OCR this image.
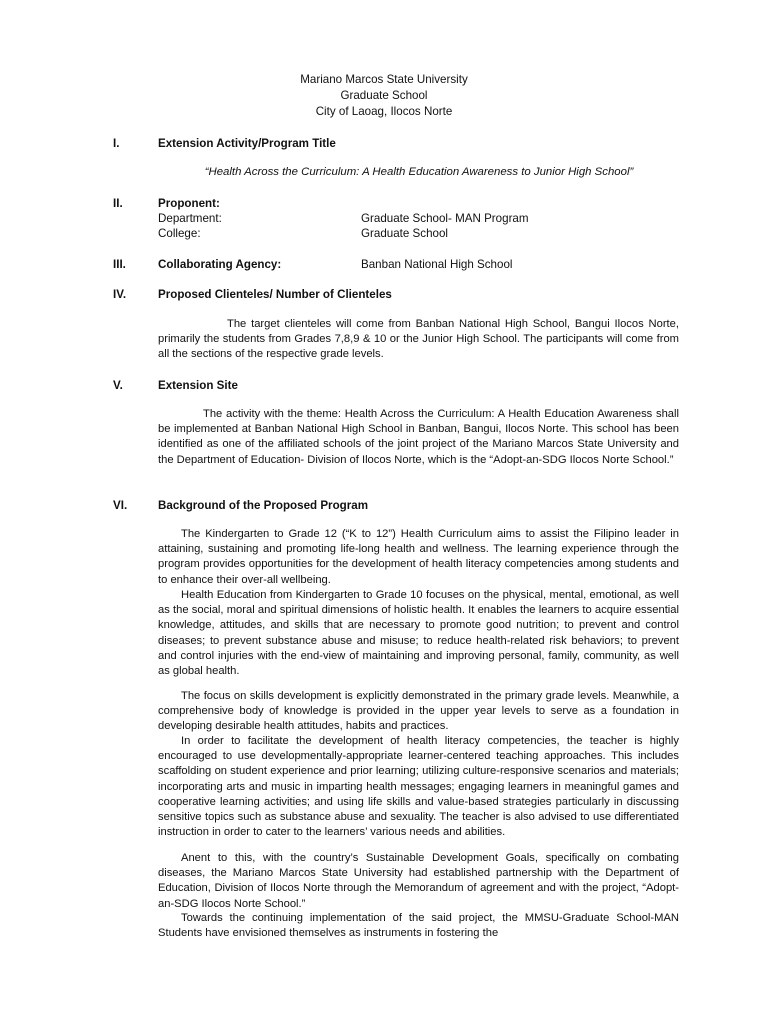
Mariano Marcos State University
Graduate School
City of Laoag, Ilocos Norte
I.	Extension Activity/Program Title
“Health Across the Curriculum: A Health Education Awareness to Junior High School”
II.	Proponent:
Department:	Graduate School- MAN Program
College:	Graduate School
III.	Collaborating Agency:	Banban National High School
IV.	Proposed Clienteles/ Number of Clienteles

The target clienteles will come from Banban National High School, Bangui Ilocos Norte, primarily the students from Grades 7,8,9 & 10 or the Junior High School. The participants will come from all the sections of the respective grade levels.

V.	Extension Site

The activity with the theme: Health Across the Curriculum: A Health Education Awareness shall be implemented at Banban National High School in Banban, Bangui, Ilocos Norte. This school has been identified as one of the affiliated schools of the joint project of the Mariano Marcos State University and the Department of Education- Division of Ilocos Norte, which is the “Adopt-an-SDG Ilocos Norte School.”

VI.	Background of the Proposed Program

The Kindergarten to Grade 12 (“K to 12”) Health Curriculum aims to assist the Filipino leader in attaining, sustaining and promoting life-long health and wellness. The learning experience through the program provides opportunities for the development of health literacy competencies among students and to enhance their over-all wellbeing.

Health Education from Kindergarten to Grade 10 focuses on the physical, mental, emotional, as well as the social, moral and spiritual dimensions of holistic health. It enables the learners to acquire essential knowledge, attitudes, and skills that are necessary to promote good nutrition; to prevent and control diseases; to prevent substance abuse and misuse; to reduce health-related risk behaviors; to prevent and control injuries with the end-view of maintaining and improving personal, family, community, as well as global health.

The focus on skills development is explicitly demonstrated in the primary grade levels. Meanwhile, a comprehensive body of knowledge is provided in the upper year levels to serve as a foundation in developing desirable health attitudes, habits and practices.

In order to facilitate the development of health literacy competencies, the teacher is highly encouraged to use developmentally-appropriate learner-centered teaching approaches. This includes scaffolding on student experience and prior learning; utilizing culture-responsive scenarios and materials; incorporating arts and music in imparting health messages; engaging learners in meaningful games and cooperative learning activities; and using life skills and value-based strategies particularly in discussing sensitive topics such as substance abuse and sexuality. The teacher is also advised to use differentiated instruction in order to cater to the learners’ various needs and abilities.

Anent to this, with the country’s Sustainable Development Goals, specifically on combating diseases, the Mariano Marcos State University had established partnership with the Department of Education, Division of Ilocos Norte through the Memorandum of agreement and with the project, “Adopt-an-SDG Ilocos Norte School.”

Towards the continuing implementation of the said project, the MMSU-Graduate School-MAN Students have envisioned themselves as instruments in fostering the
